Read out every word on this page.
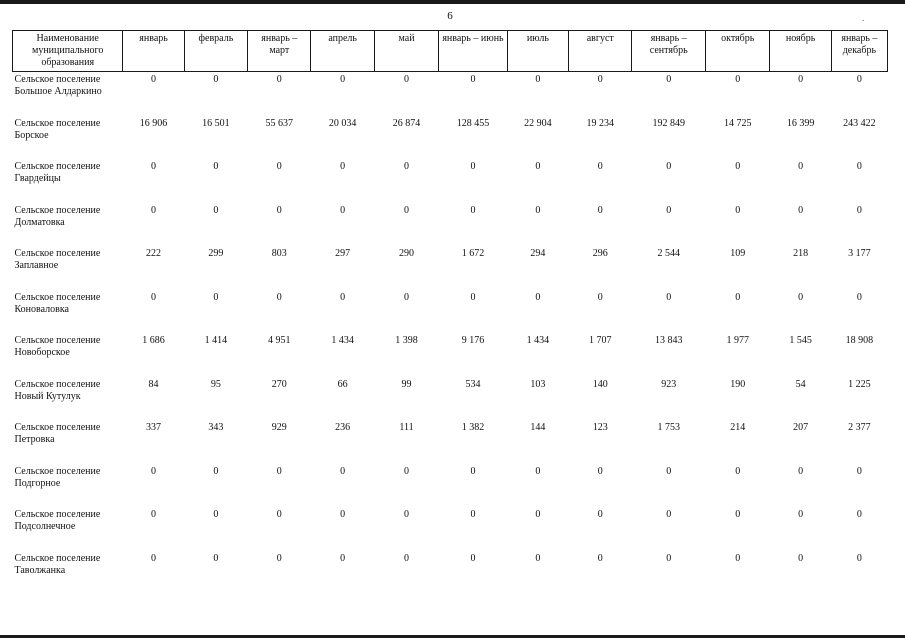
6	.
Наименование муниципального образования	январь	февраль	январь – март	апрель	май	январь – июнь	июль	август	январь – сентябрь	октябрь	ноябрь	январь – декабрь

Сельское поселение
Большое Алдаркино	0	0	0	0	0	0	0	0	0	0	0	0

Сельское поселение
Борское	16 906	16 501	55 637	20 034	26 874	128 455	22 904	19 234	192 849	14 725	16 399	243 422

Сельское поселение
Гвардейцы	0	0	0	0	0	0	0	0	0	0	0	0

Сельское поселение
Долматовка	0	0	0	0	0	0	0	0	0	0	0	0

Сельское поселение
Заплавное	222	299	803	297	290	1 672	294	296	2 544	109	218	3 177

Сельское поселение
Коноваловка	0	0	0	0	0	0	0	0	0	0	0	0

Сельское поселение
Новоборское	1 686	1 414	4 951	1 434	1 398	9 176	1 434	1 707	13 843	1 977	1 545	18 908

Сельское поселение
Новый Кутулук	84	95	270	66	99	534	103	140	923	190	54	1 225

Сельское поселение
Петровка	337	343	929	236	111	1 382	144	123	1 753	214	207	2 377

Сельское поселение
Подгорное	0	0	0	0	0	0	0	0	0	0	0	0

Сельское поселение
Подсолнечное	0	0	0	0	0	0	0	0	0	0	0	0

Сельское поселение
Таволжанка	0	0	0	0	0	0	0	0	0	0	0	0
